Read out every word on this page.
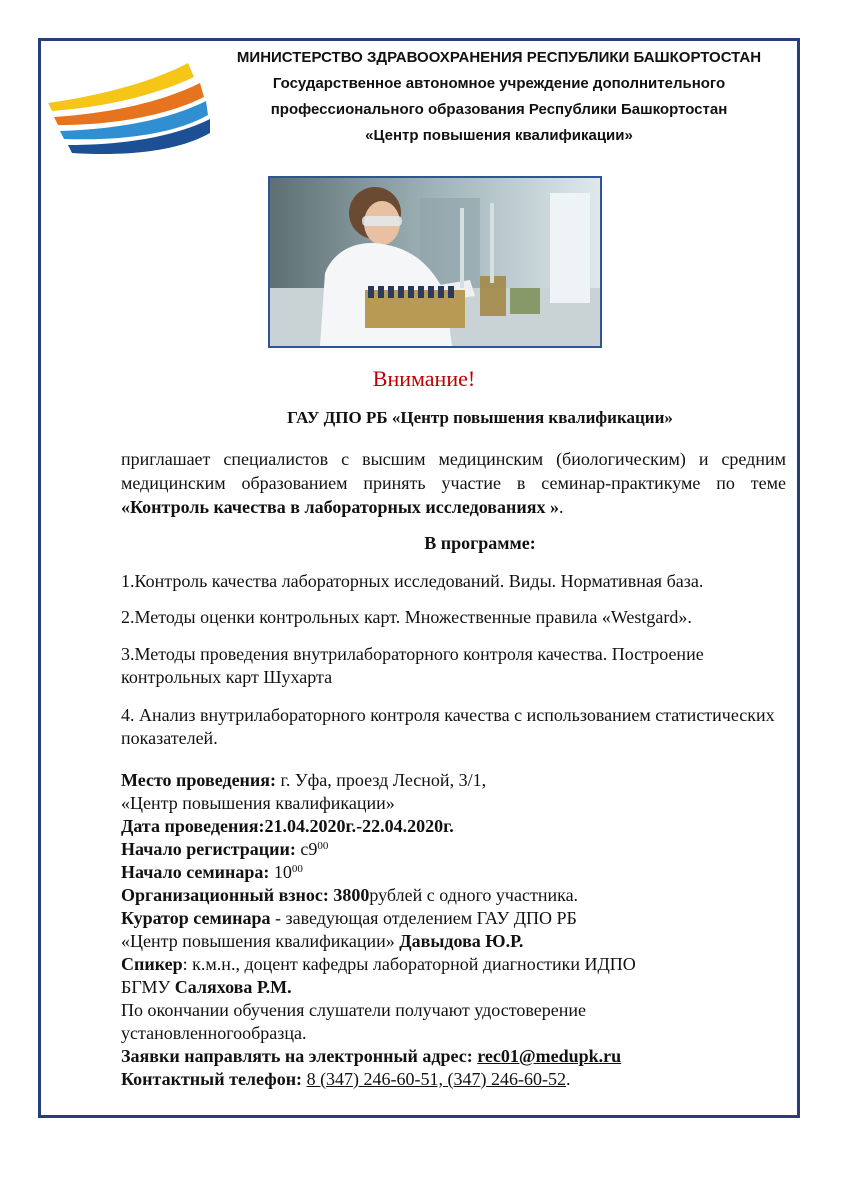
МИНИСТЕРСТВО ЗДРАВООХРАНЕНИЯ РЕСПУБЛИКИ БАШКОРТОСТАН
Государственное автономное учреждение дополнительного
профессионального образования Республики Башкортостан
«Центр повышения квалификации»
Внимание!
ГАУ ДПО РБ «Центр повышения квалификации»
приглашает специалистов с высшим медицинским (биологическим) и средним медицинским образованием принять участие в семинар-практикуме по теме «Контроль качества в лабораторных исследованиях ».
В программе:
1.Контроль качества лабораторных исследований. Виды. Нормативная база.
2.Методы оценки контрольных карт. Множественные правила «Westgard».
3.Методы проведения внутрилабораторного контроля качества. Построение контрольных карт Шухарта
4. Анализ внутрилабораторного контроля качества с использованием статистических показателей.
Место проведения: г. Уфа, проезд Лесной, 3/1,
«Центр повышения квалификации»
Дата проведения:21.04.2020г.-22.04.2020г.
Начало регистрации: $с9^{00}$
Начало семинара: $10^{00}$
Организационный взнос: 3800рублей с одного участника.
Куратор семинара - заведующая отделением ГАУ ДПО РБ
«Центр повышения квалификации» Давыдова Ю.Р.
Спикер: к.м.н., доцент кафедры лабораторной диагностики ИДПО
БГМУ Саляхова Р.М.
По окончании обучения слушатели получают удостоверение
установленногообразца.
Заявки направлять на электронный адрес: rec01@medupk.ru
Контактный телефон: 8 (347) 246-60-51, (347) 246-60-52.
